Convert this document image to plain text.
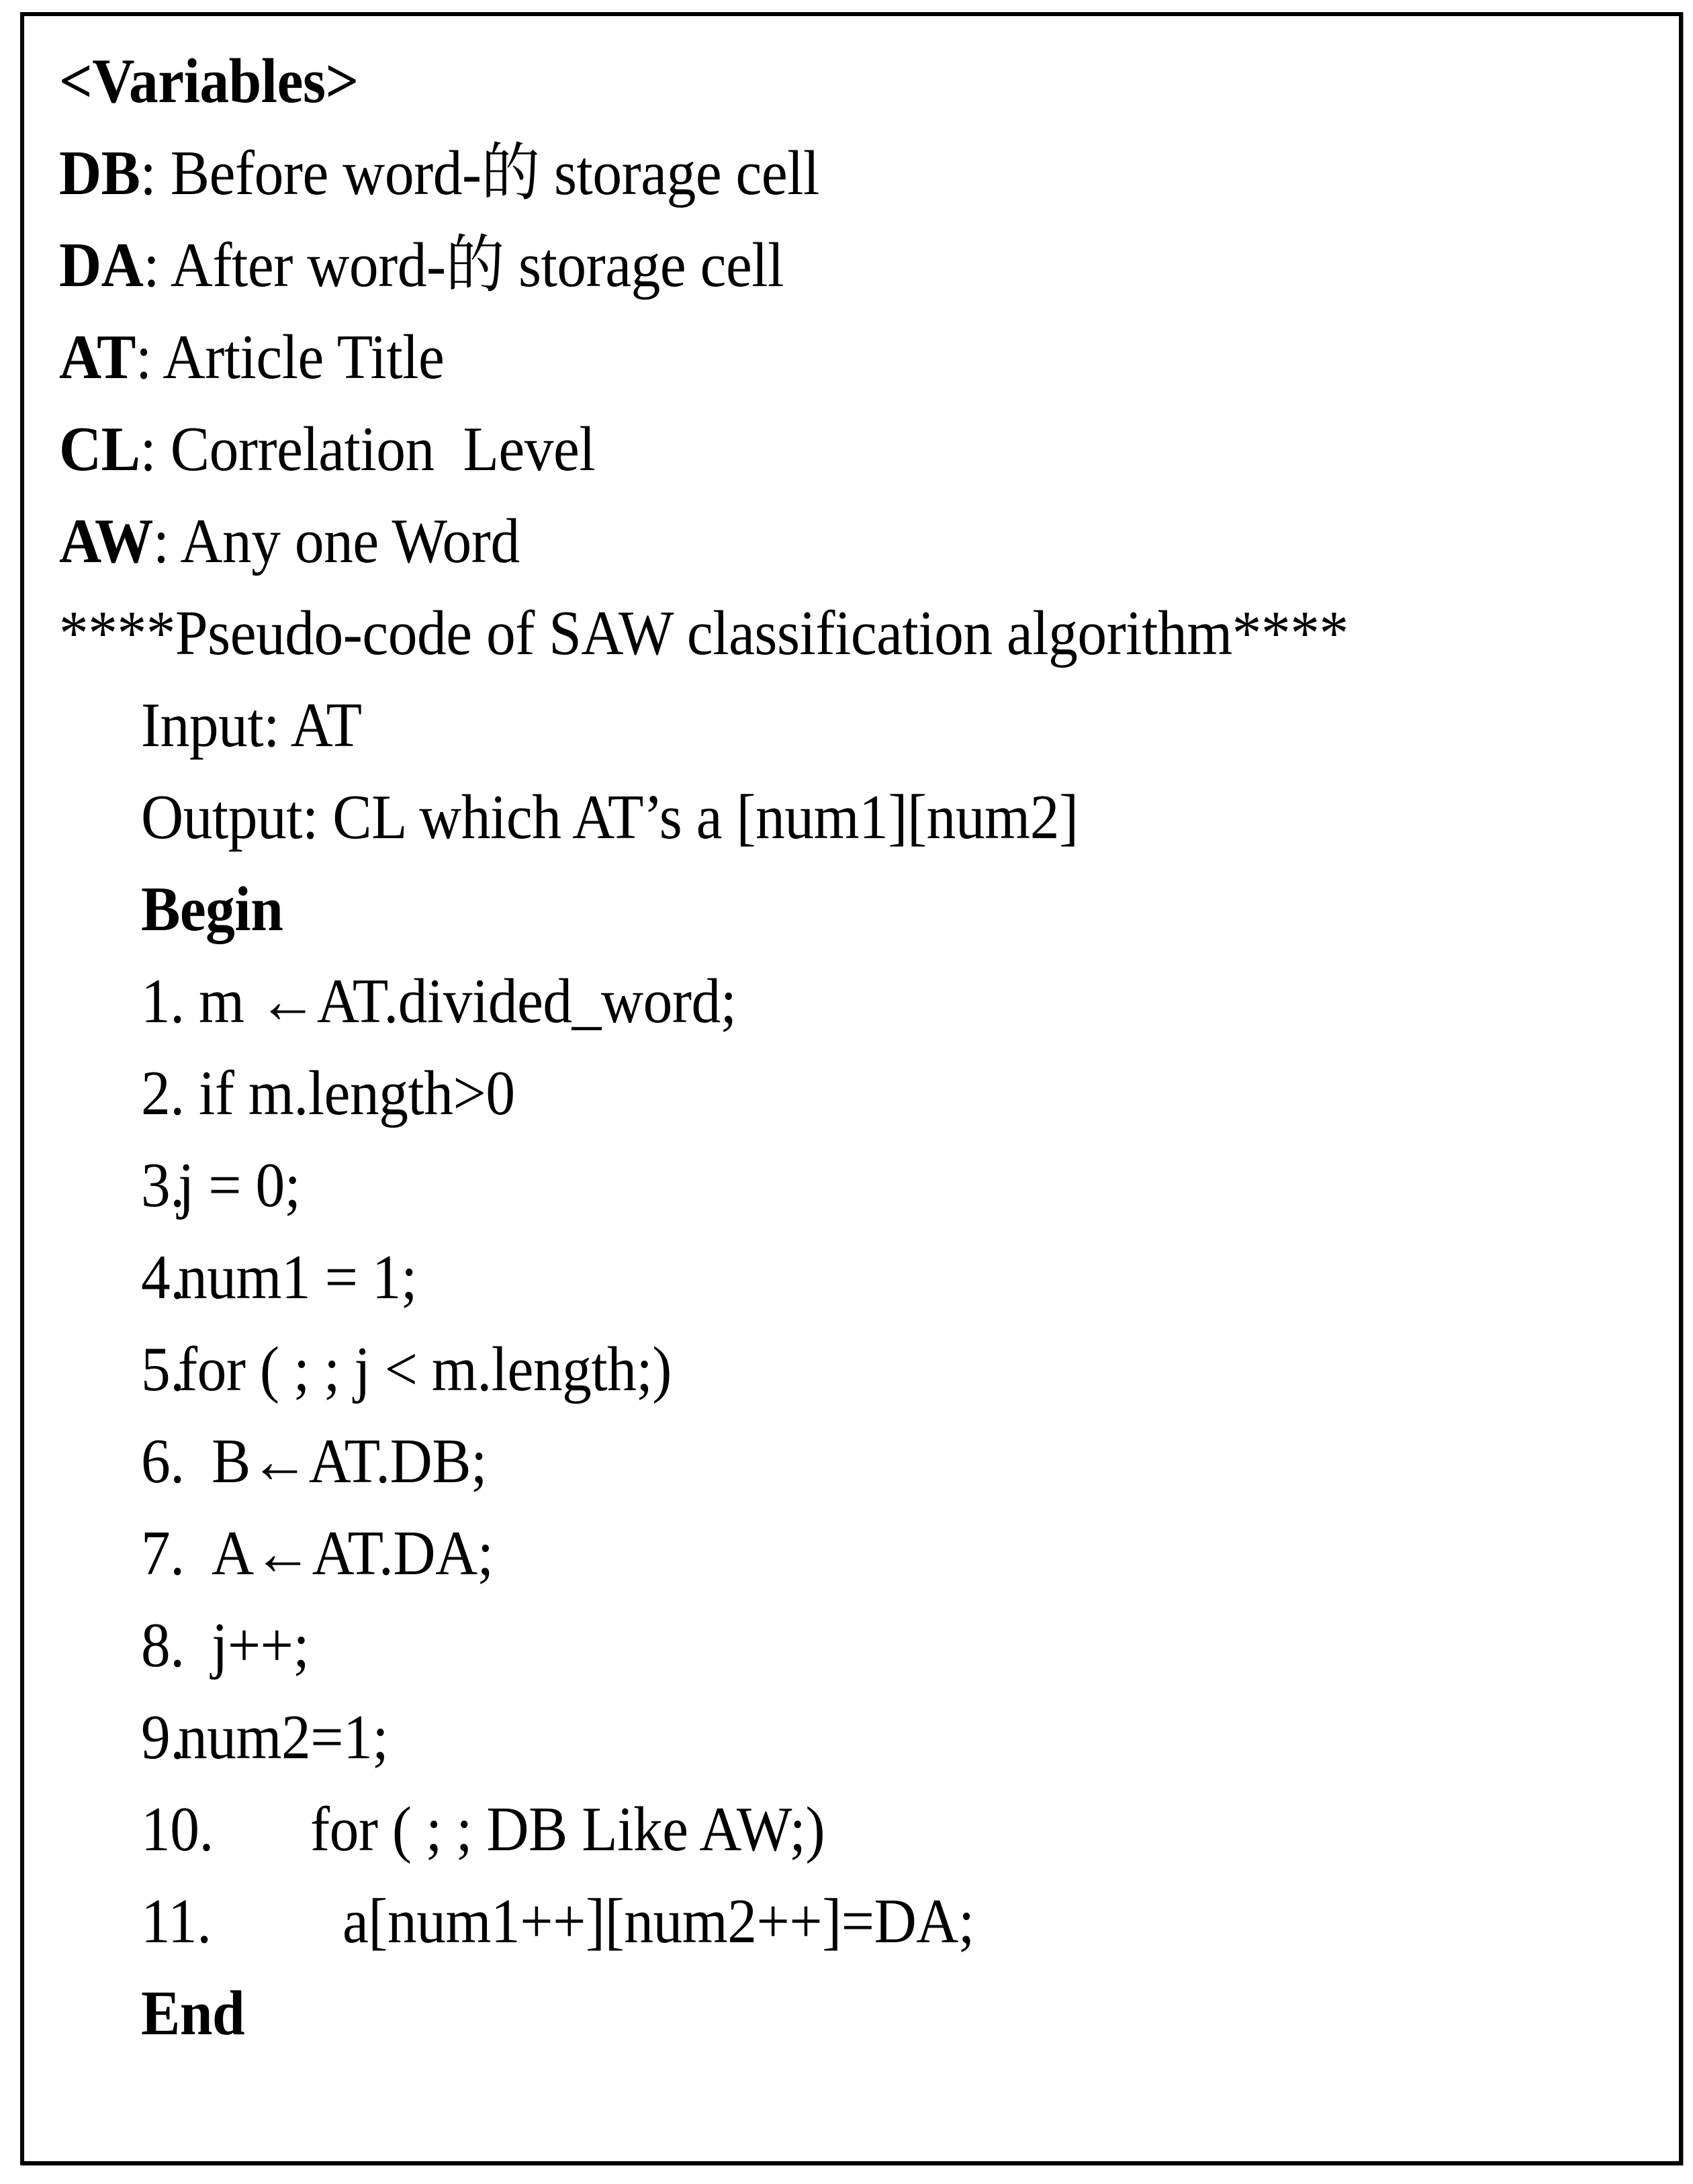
<Variables>
DB: Before word-的 storage cell
DA: After word-的 storage cell
AT: Article Title
CL: Correlation  Level
AW: Any one Word
****Pseudo-code of SAW classification algorithm****
Input: AT
Output: CL which AT’s a [num1][num2]
Begin
1. m ←AT.divided_word;
2. if m.length>0
3.
j = 0;
4.
num1 = 1;
5.
for ( ; ; j < m.length;)
6. B←AT.DB;
7. A←AT.DA;
8. j++;
9.
num2=1;
10. for ( ; ; DB Like AW;)
11. a[num1++][num2++]=DA;
End
